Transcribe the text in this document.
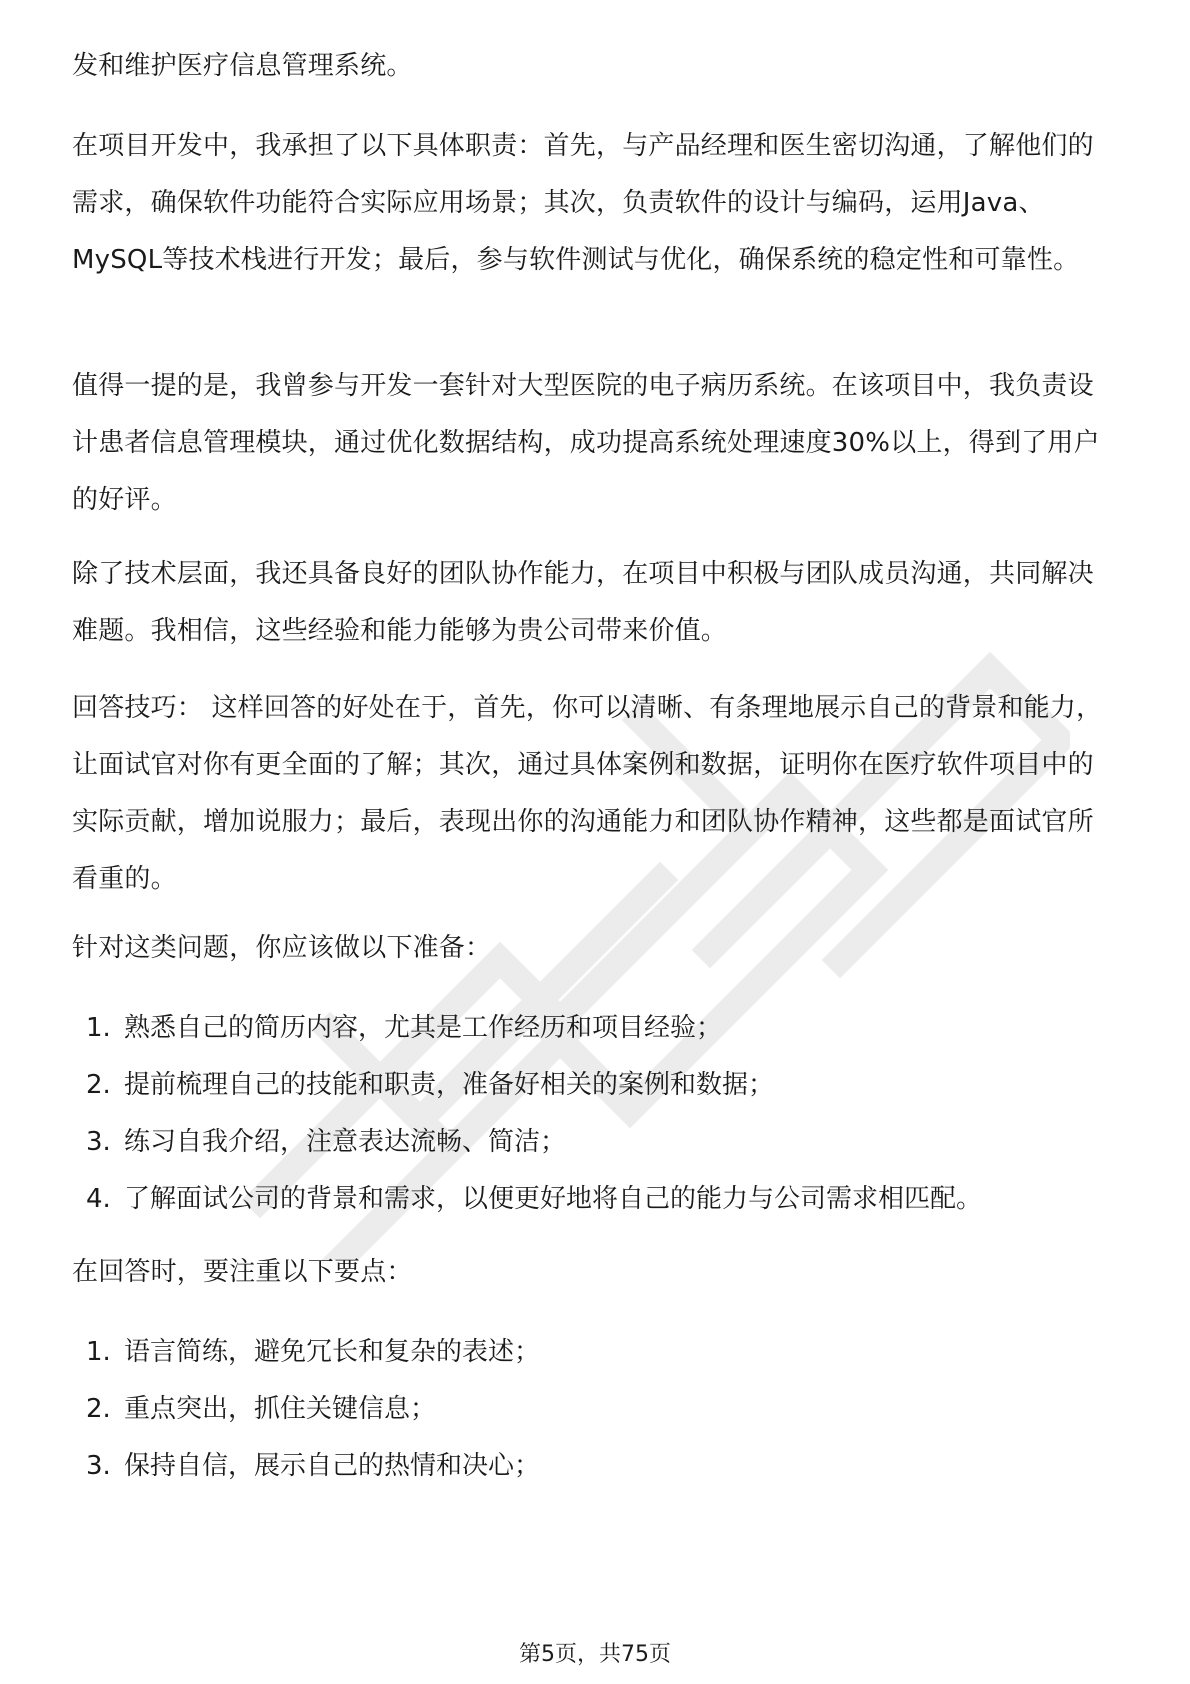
发和维护医疗信息管理系统。

在项目开发中，我承担了以下具体职责：首先，与产品经理和医生密切沟通，了解他们的需求，确保软件功能符合实际应用场景；其次，负责软件的设计与编码，运用Java、MySQL等技术栈进行开发；最后，参与软件测试与优化，确保系统的稳定性和可靠性。

值得一提的是，我曾参与开发一套针对大型医院的电子病历系统。在该项目中，我负责设计患者信息管理模块，通过优化数据结构，成功提高系统处理速度30%以上，得到了用户的好评。

除了技术层面，我还具备良好的团队协作能力，在项目中积极与团队成员沟通，共同解决难题。我相信，这些经验和能力能够为贵公司带来价值。

回答技巧： 这样回答的好处在于，首先，你可以清晰、有条理地展示自己的背景和能力，让面试官对你有更全面的了解；其次，通过具体案例和数据，证明你在医疗软件项目中的实际贡献，增加说服力；最后，表现出你的沟通能力和团队协作精神，这些都是面试官所看重的。

针对这类问题，你应该做以下准备：

1. 熟悉自己的简历内容，尤其是工作经历和项目经验；
2. 提前梳理自己的技能和职责，准备好相关的案例和数据；
3. 练习自我介绍，注意表达流畅、简洁；
4. 了解面试公司的背景和需求，以便更好地将自己的能力与公司需求相匹配。

在回答时，要注重以下要点：

1. 语言简练，避免冗长和复杂的表述；
2. 重点突出，抓住关键信息；
3. 保持自信，展示自己的热情和决心；
第5页，共75页
